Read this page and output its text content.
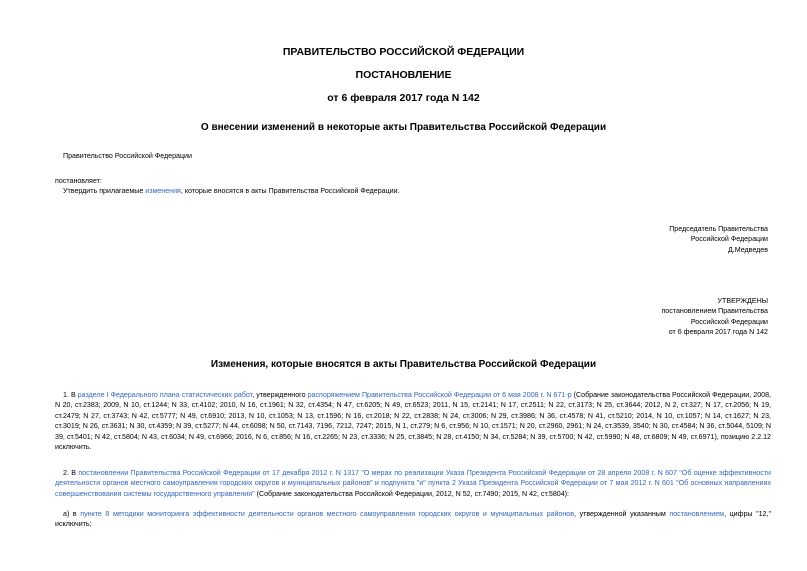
ПРАВИТЕЛЬСТВО РОССИЙСКОЙ ФЕДЕРАЦИИ
ПОСТАНОВЛЕНИЕ
от 6 февраля 2017 года N 142
О внесении изменений в некоторые акты Правительства Российской Федерации
Правительство Российской Федерации
постановляет:
Утвердить прилагаемые изменения, которые вносятся в акты Правительства Российской Федерации.
Председатель Правительства
Российской Федерации
Д.Медведев
УТВЕРЖДЕНЫ
постановлением Правительства
Российской Федерации
от 6 февраля 2017 года N 142
Изменения, которые вносятся в акты Правительства Российской Федерации
1. В разделе I Федерального плана статистических работ, утвержденного распоряжением Правительства Российской Федерации от 6 мая 2008 г. N 671-р (Собрание законодательства Российской Федерации, 2008, N 20, ст.2383; 2009, N 10, ст.1244; N 33, ст.4102; 2010, N 16, ст.1961; N 32, ст.4354; N 47, ст.6205; N 49, ст.6523; 2011, N 15, ст.2141; N 17, ст.2511; N 22, ст.3173; N 25, ст.3644; 2012, N 2, ст.327; N 17, ст.2056; N 19, ст.2479; N 27, ст.3743; N 42, ст.5777; N 49, ст.6910; 2013, N 10, ст.1053; N 13, ст.1596; N 16, ст.2018; N 22, ст.2838; N 24, ст.3006; N 29, ст.3986; N 36, ст.4578; N 41, ст.5210; 2014, N 10, ст.1057; N 14, ст.1627; N 23, ст.3019; N 26, ст.3631; N 30, ст.4359; N 39, ст.5277; N 44, ст.6098; N 50, ст.7143, 7196, 7212, 7247; 2015, N 1, ст.279; N 6, ст.956; N 10, ст.1571; N 20, ст.2960, 2961; N 24, ст.3539, 3540; N 30, ст.4584; N 36, ст.5044, 5109; N 39, ст.5401; N 42, ст.5804; N 43, ст.6034; N 49, ст.6966; 2016, N 6, ст.856; N 16, ст.2265; N 23, ст.3336; N 25, ст.3845; N 28, ст.4150; N 34, ст.5284; N 39, ст.5700; N 42, ст.5990; N 48, ст.6809; N 49, ст.6971), позицию 2.2.12 исключить.
2. В постановлении Правительства Российской Федерации от 17 декабря 2012 г. N 1317 "О мерах по реализации Указа Президента Российской Федерации от 28 апреля 2008 г. N 607 "Об оценке эффективности деятельности органов местного самоуправления городских округов и муниципальных районов" и подпункта "и" пункта 2 Указа Президента Российской Федерации от 7 мая 2012 г. N 601 "Об основных направлениях совершенствования системы государственного управления" (Собрание законодательства Российской Федерации, 2012, N 52, ст.7490; 2015, N 42, ст.5804):
а) в пункте 8 методики мониторинга эффективности деятельности органов местного самоуправления городских округов и муниципальных районов, утвержденной указанным постановлением, цифры "12," исключить;
